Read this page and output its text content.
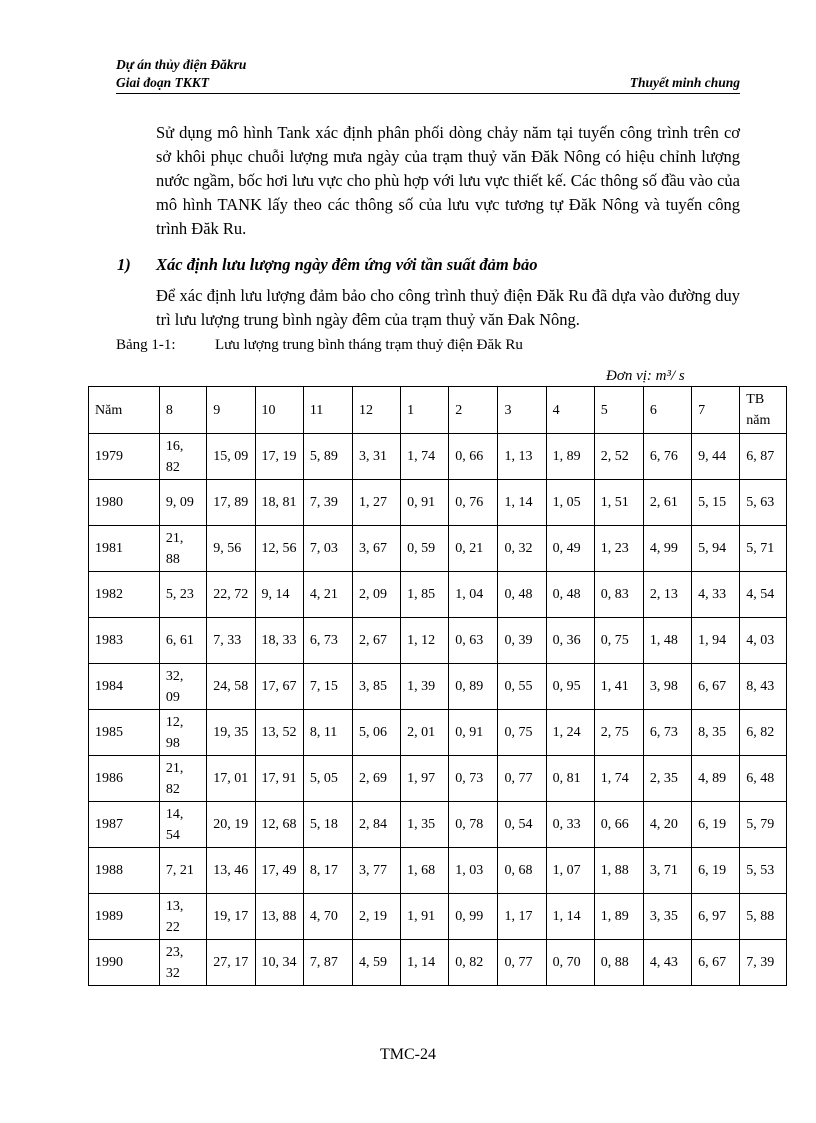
Dự án thủy điện Đăkru
Giai đoạn TKKT	Thuyết minh chung
Sử dụng mô hình Tank xác định phân phối dòng chảy năm tại tuyến công trình trên cơ sở khôi phục chuỗi lượng mưa ngày của trạm thuỷ văn Đăk Nông có hiệu chỉnh lượng nước ngầm, bốc hơi lưu vực cho phù hợp với lưu vực thiết kế. Các thông số đầu vào của mô hình TANK lấy theo các thông số của lưu vực tương tự Đăk Nông và tuyến công trình Đăk Ru.
1) Xác định lưu lượng ngày đêm ứng với tần suất đảm bảo
Để xác định lưu lượng đảm bảo cho công trình thuỷ điện Đăk Ru đã dựa vào đường duy trì lưu lượng trung bình ngày đêm của trạm thuỷ văn Đak Nông.
Bảng 1-1:	Lưu lượng trung bình tháng trạm thuỷ điện Đăk Ru
Đơn vị: m³/ s
Năm	8	9	10	11	12	1	2	3	4	5	6	7	TB năm
1979	16, 82	15, 09	17, 19	5, 89	3, 31	1, 74	0, 66	1, 13	1, 89	2, 52	6, 76	9, 44	6, 87
1980	9, 09	17, 89	18, 81	7, 39	1, 27	0, 91	0, 76	1, 14	1, 05	1, 51	2, 61	5, 15	5, 63
1981	21, 88	9, 56	12, 56	7, 03	3, 67	0, 59	0, 21	0, 32	0, 49	1, 23	4, 99	5, 94	5, 71
1982	5, 23	22, 72	9, 14	4, 21	2, 09	1, 85	1, 04	0, 48	0, 48	0, 83	2, 13	4, 33	4, 54
1983	6, 61	7, 33	18, 33	6, 73	2, 67	1, 12	0, 63	0, 39	0, 36	0, 75	1, 48	1, 94	4, 03
1984	32, 09	24, 58	17, 67	7, 15	3, 85	1, 39	0, 89	0, 55	0, 95	1, 41	3, 98	6, 67	8, 43
1985	12, 98	19, 35	13, 52	8, 11	5, 06	2, 01	0, 91	0, 75	1, 24	2, 75	6, 73	8, 35	6, 82
1986	21, 82	17, 01	17, 91	5, 05	2, 69	1, 97	0, 73	0, 77	0, 81	1, 74	2, 35	4, 89	6, 48
1987	14, 54	20, 19	12, 68	5, 18	2, 84	1, 35	0, 78	0, 54	0, 33	0, 66	4, 20	6, 19	5, 79
1988	7, 21	13, 46	17, 49	8, 17	3, 77	1, 68	1, 03	0, 68	1, 07	1, 88	3, 71	6, 19	5, 53
1989	13, 22	19, 17	13, 88	4, 70	2, 19	1, 91	0, 99	1, 17	1, 14	1, 89	3, 35	6, 97	5, 88
1990	23, 32	27, 17	10, 34	7, 87	4, 59	1, 14	0, 82	0, 77	0, 70	0, 88	4, 43	6, 67	7, 39
TMC-24
